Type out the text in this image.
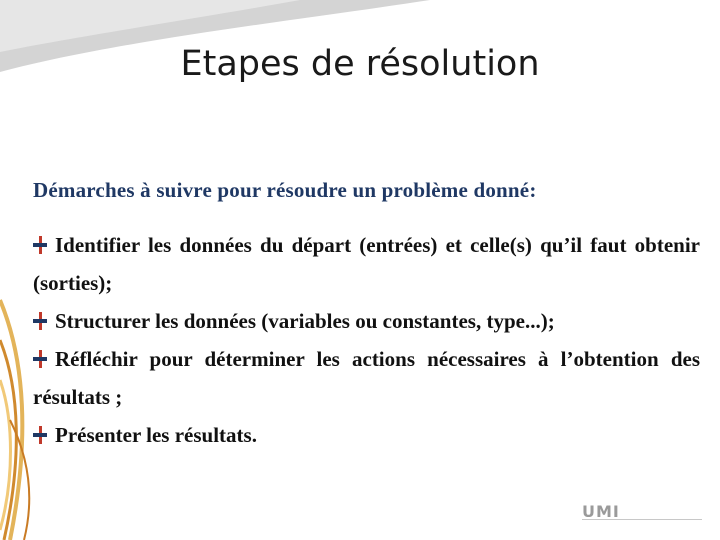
Etapes de résolution
Démarches à suivre pour résoudre un problème donné:
Identifier les données du départ (entrées) et celle(s) qu’il faut obtenir (sorties);
Structurer les données (variables ou constantes, type...);
Réfléchir pour déterminer les actions nécessaires à l’obtention des résultats ;
Présenter les résultats.
UMI
